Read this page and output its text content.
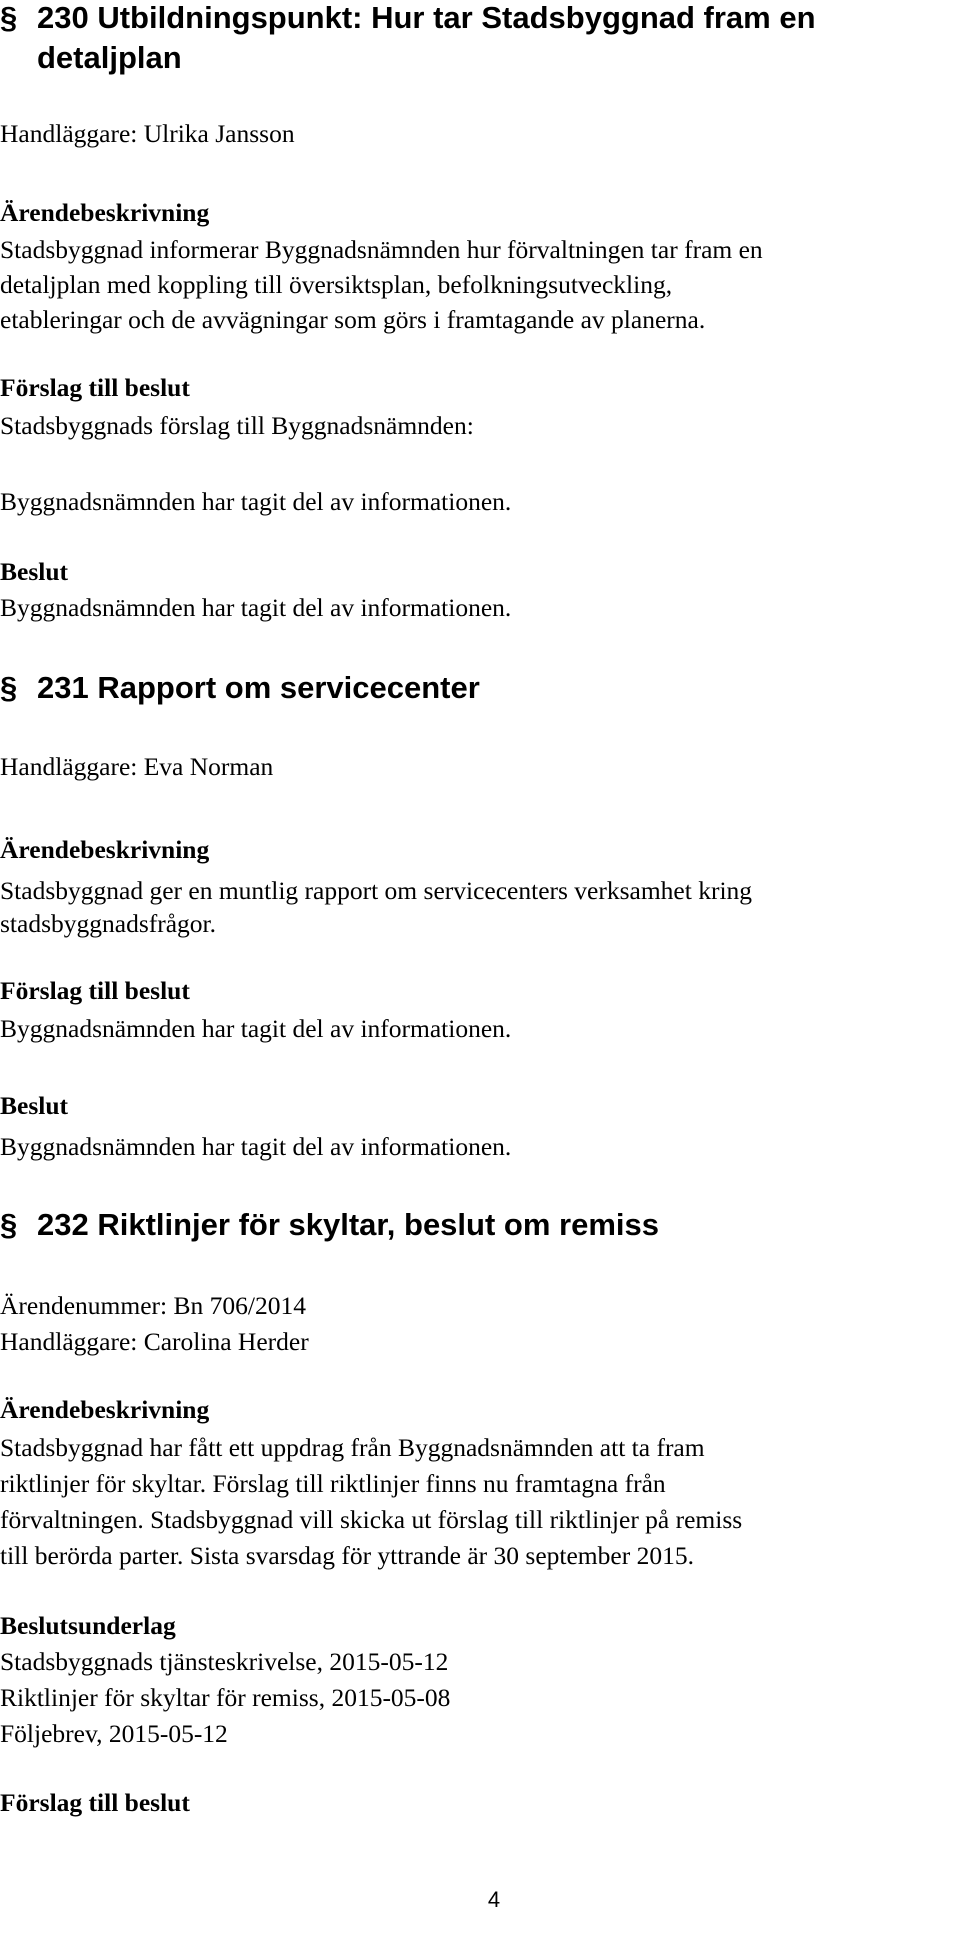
§ 230 Utbildningspunkt: Hur tar Stadsbyggnad fram en detaljplan
Handläggare: Ulrika Jansson
Ärendebeskrivning
Stadsbyggnad informerar Byggnadsnämnden hur förvaltningen tar fram en
detaljplan med koppling till översiktsplan, befolkningsutveckling,
etableringar och de avvägningar som görs i framtagande av planerna.
Förslag till beslut
Stadsbyggnads förslag till Byggnadsnämnden:
Byggnadsnämnden har tagit del av informationen.
Beslut
Byggnadsnämnden har tagit del av informationen.
§ 231 Rapport om servicecenter
Handläggare: Eva Norman
Ärendebeskrivning
Stadsbyggnad ger en muntlig rapport om servicecenters verksamhet kring
stadsbyggnadsfrågor.
Förslag till beslut
Byggnadsnämnden har tagit del av informationen.
Beslut
Byggnadsnämnden har tagit del av informationen.
§ 232 Riktlinjer för skyltar, beslut om remiss
Ärendenummer: Bn 706/2014
Handläggare: Carolina Herder
Ärendebeskrivning
Stadsbyggnad har fått ett uppdrag från Byggnadsnämnden att ta fram
riktlinjer för skyltar. Förslag till riktlinjer finns nu framtagna från
förvaltningen. Stadsbyggnad vill skicka ut förslag till riktlinjer på remiss
till berörda parter. Sista svarsdag för yttrande är 30 september 2015.
Beslutsunderlag
Stadsbyggnads tjänsteskrivelse, 2015-05-12
Riktlinjer för skyltar för remiss, 2015-05-08
Följebrev, 2015-05-12
Förslag till beslut
4
